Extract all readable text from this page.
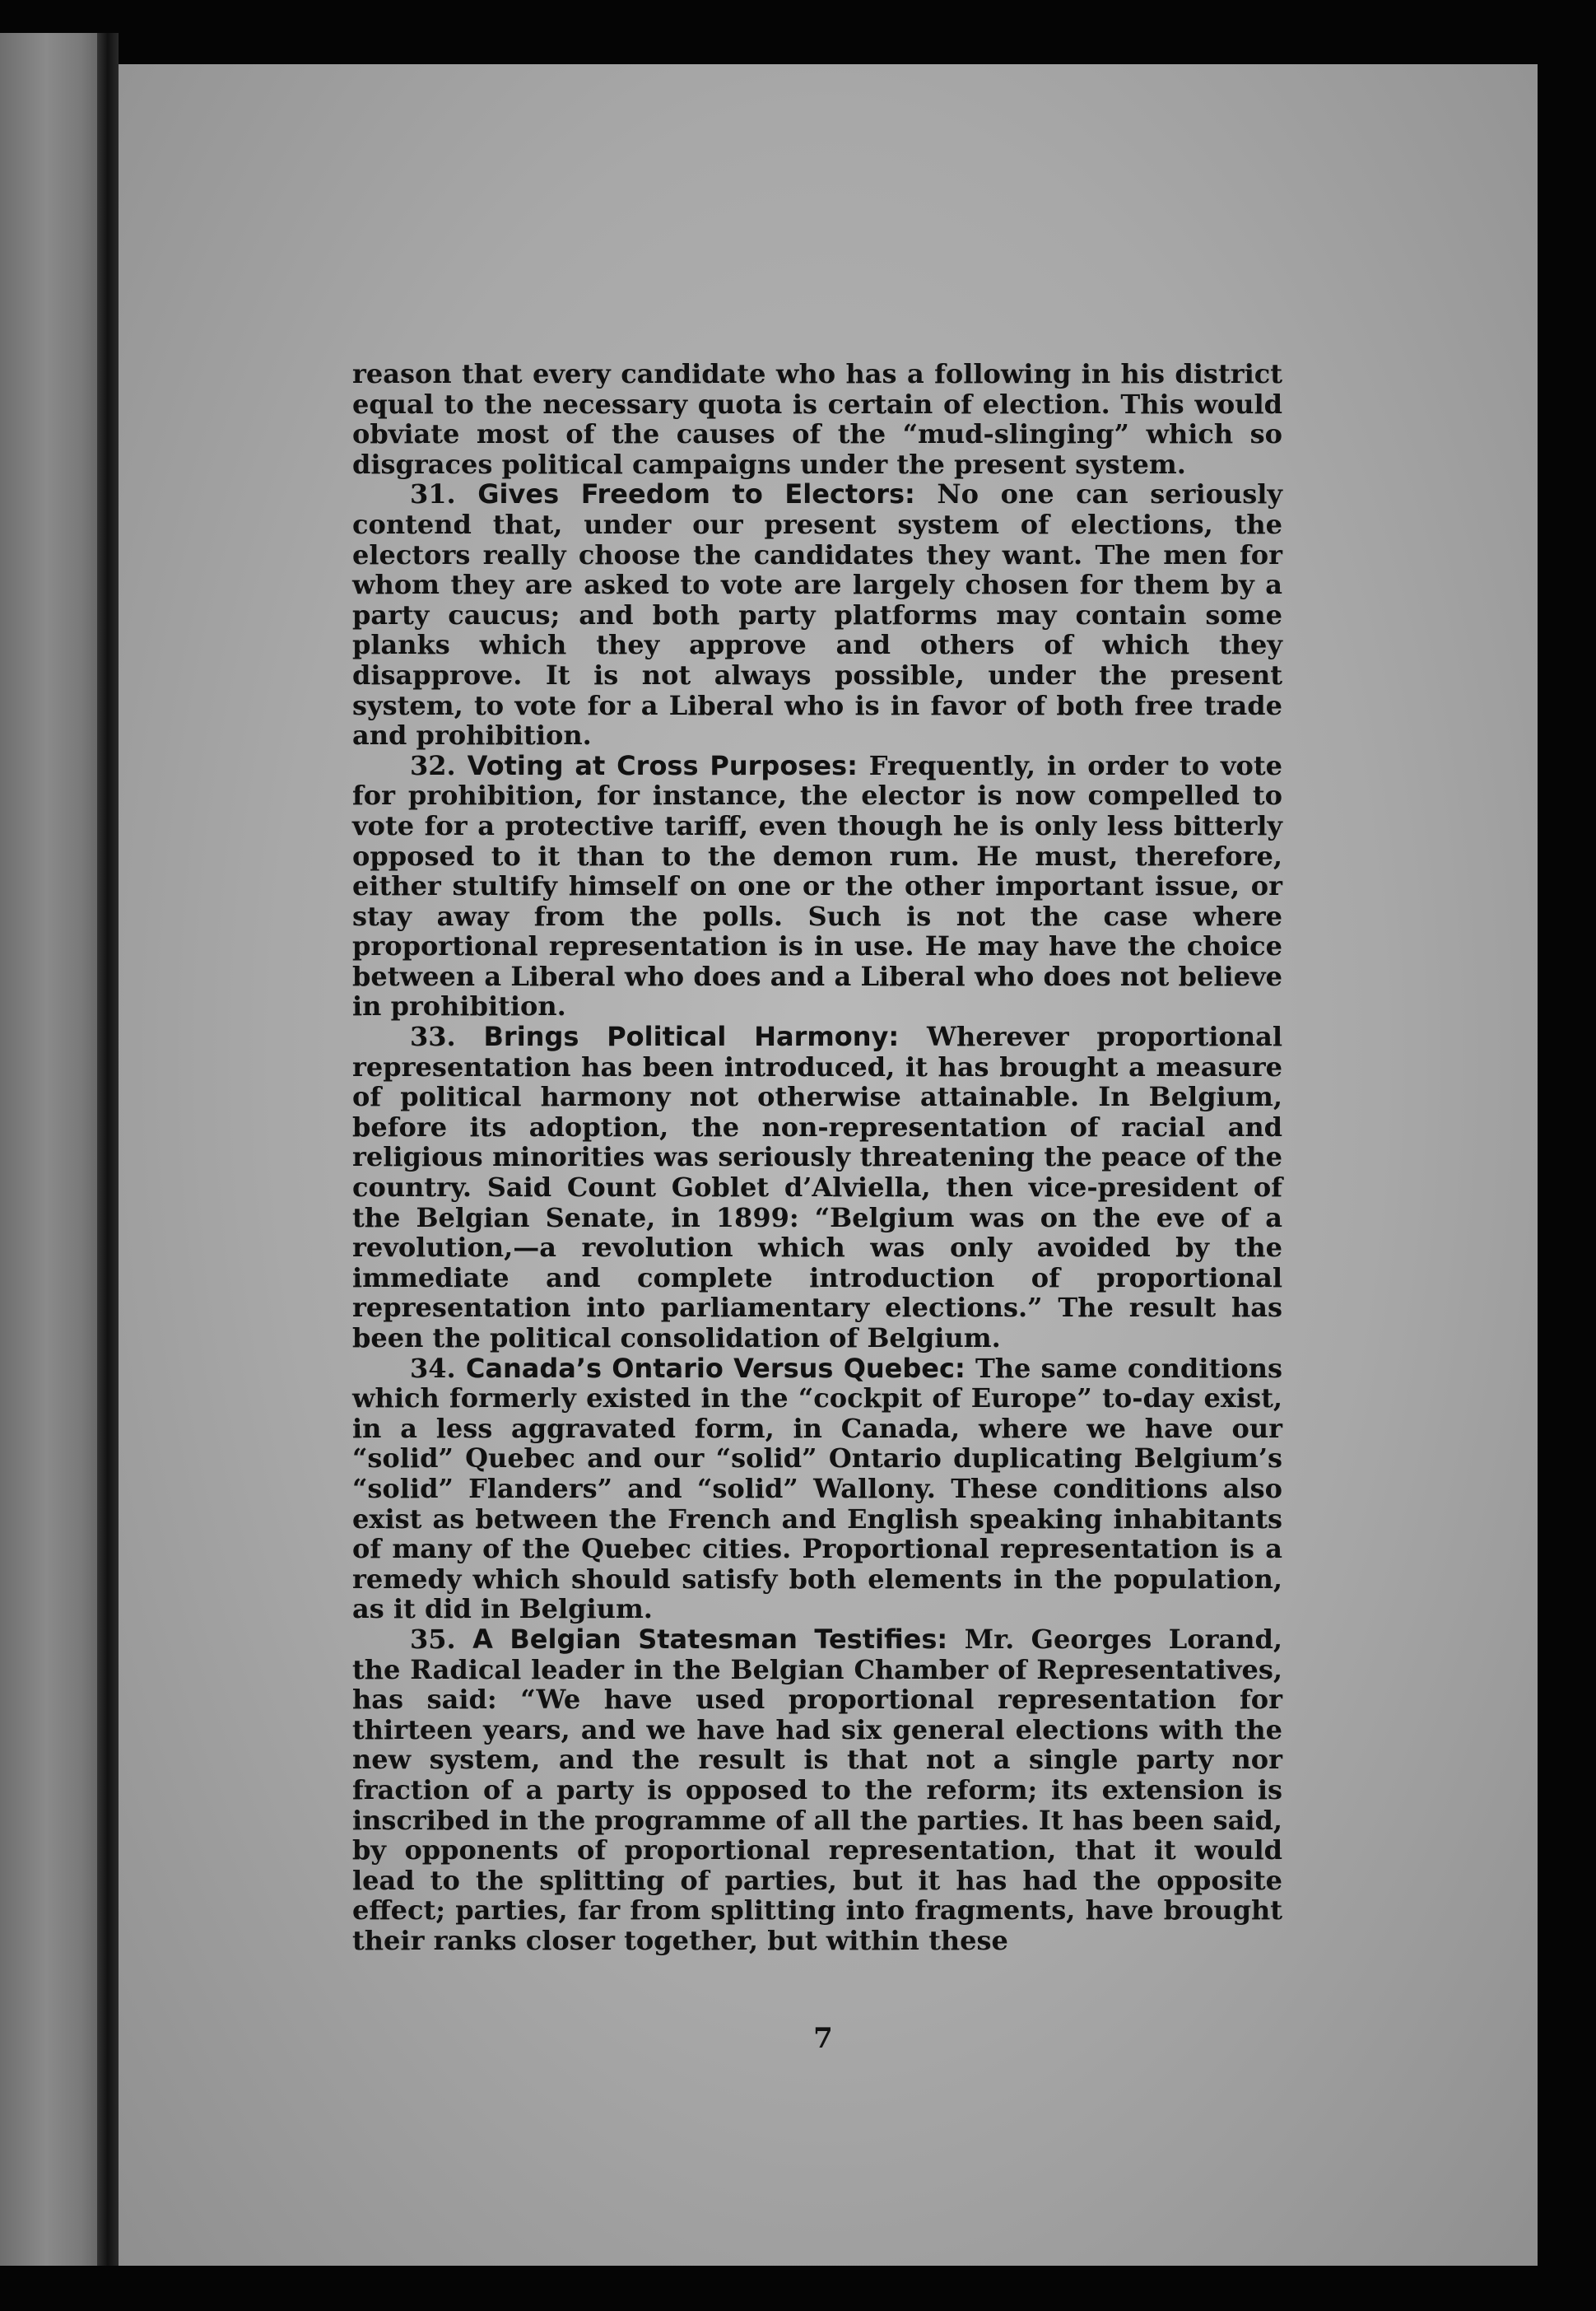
reason that every candidate who has a following in his district equal to the necessary quota is certain of election. This would obviate most of the causes of the “mud-slinging” which so disgraces political campaigns under the present system.

31. Gives Freedom to Electors: No one can seriously contend that, under our present system of elections, the electors really choose the candidates they want. The men for whom they are asked to vote are largely chosen for them by a party caucus; and both party platforms may contain some planks which they approve and others of which they disapprove. It is not always possible, under the present system, to vote for a Liberal who is in favor of both free trade and prohibition.

32. Voting at Cross Purposes: Frequently, in order to vote for prohibition, for instance, the elector is now compelled to vote for a protective tariff, even though he is only less bitterly opposed to it than to the demon rum. He must, therefore, either stultify himself on one or the other important issue, or stay away from the polls. Such is not the case where proportional representation is in use. He may have the choice between a Liberal who does and a Liberal who does not believe in prohibition.

33. Brings Political Harmony: Wherever proportional representation has been introduced, it has brought a measure of political harmony not otherwise attainable. In Belgium, before its adoption, the non-representation of racial and religious minorities was seriously threatening the peace of the country. Said Count Goblet d’Alviella, then vice-president of the Belgian Senate, in 1899: “Belgium was on the eve of a revolution,—a revolution which was only avoided by the immediate and complete introduction of proportional representation into parliamentary elections.” The result has been the political consolidation of Belgium.

34. Canada’s Ontario Versus Quebec: The same conditions which formerly existed in the “cockpit of Europe” to-day exist, in a less aggravated form, in Canada, where we have our “solid” Quebec and our “solid” Ontario duplicating Belgium’s “solid” Flanders” and “solid” Wallony. These conditions also exist as between the French and English speaking inhabitants of many of the Quebec cities. Proportional representation is a remedy which should satisfy both elements in the population, as it did in Belgium.

35. A Belgian Statesman Testifies: Mr. Georges Lorand, the Radical leader in the Belgian Chamber of Representatives, has said: “We have used proportional representation for thirteen years, and we have had six general elections with the new system, and the result is that not a single party nor fraction of a party is opposed to the reform; its extension is inscribed in the programme of all the parties. It has been said, by opponents of proportional representation, that it would lead to the splitting of parties, but it has had the opposite effect; parties, far from splitting into fragments, have brought their ranks closer together, but within these

7
